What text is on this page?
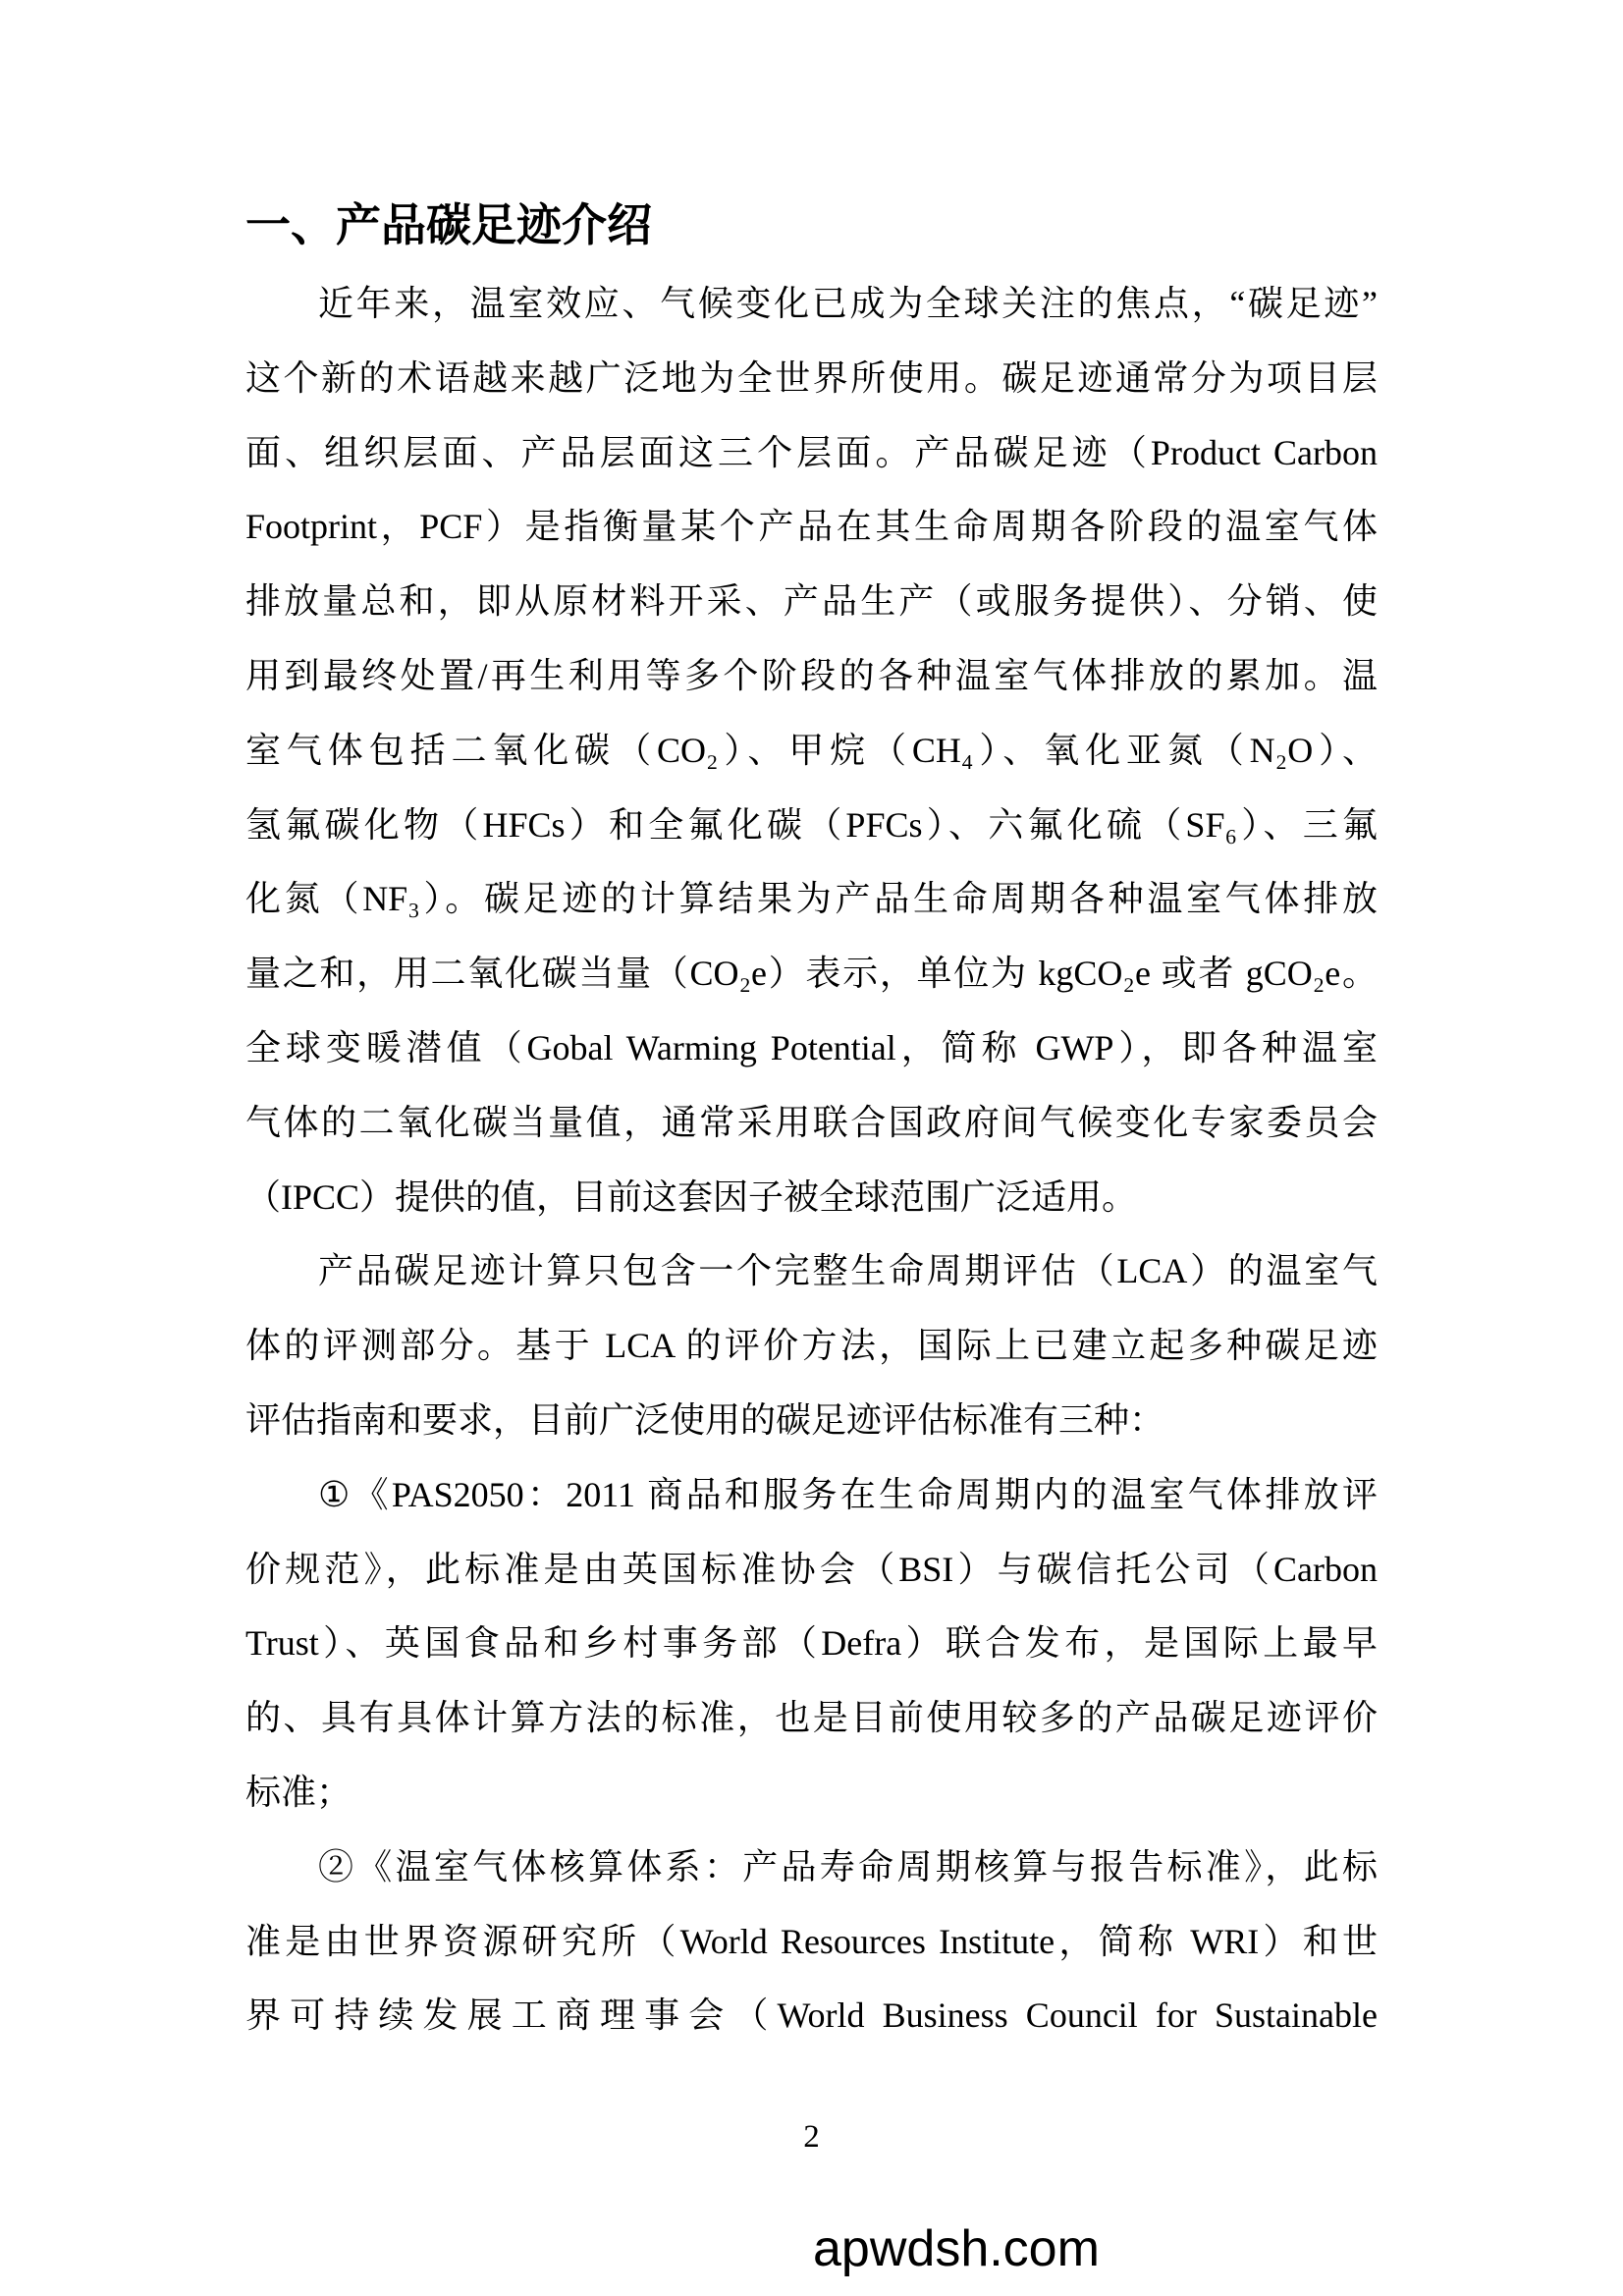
一、产品碳足迹介绍
近年来，温室效应、气候变化已成为全球关注的焦点，“碳足迹”
这个新的术语越来越广泛地为全世界所使用。碳足迹通常分为项目层
面、组织层面、产品层面这三个层面。产品碳足迹（Product Carbon
Footprint，PCF）是指衡量某个产品在其生命周期各阶段的温室气体
排放量总和，即从原材料开采、产品生产（或服务提供）、分销、使
用到最终处置/再生利用等多个阶段的各种温室气体排放的累加。温
室气体包括二氧化碳（CO₂）、甲烷（CH₄）、氧化亚氮（N₂O）、
氢氟碳化物（HFCs）和全氟化碳（PFCs）、六氟化硫（SF₆）、三氟
化氮（NF₃）。碳足迹的计算结果为产品生命周期各种温室气体排放
量之和，用二氧化碳当量（CO₂e）表示，单位为 kgCO₂e 或者 gCO₂e。
全球变暖潜值（Gobal Warming Potential，简称 GWP），即各种温室
气体的二氧化碳当量值，通常采用联合国政府间气候变化专家委员会
（IPCC）提供的值，目前这套因子被全球范围广泛适用。
产品碳足迹计算只包含一个完整生命周期评估（LCA）的温室气
体的评测部分。基于 LCA 的评价方法，国际上已建立起多种碳足迹
评估指南和要求，目前广泛使用的碳足迹评估标准有三种：
①《PAS2050：2011 商品和服务在生命周期内的温室气体排放评
价规范》，此标准是由英国标准协会（BSI）与碳信托公司（Carbon
Trust）、英国食品和乡村事务部（Defra）联合发布，是国际上最早
的、具有具体计算方法的标准，也是目前使用较多的产品碳足迹评价
标准；
②《温室气体核算体系：产品寿命周期核算与报告标准》，此标
准是由世界资源研究所（World Resources Institute，简称 WRI）和世
界可持续发展工商理事会（World Business Council for Sustainable
2
apwdsh.com
